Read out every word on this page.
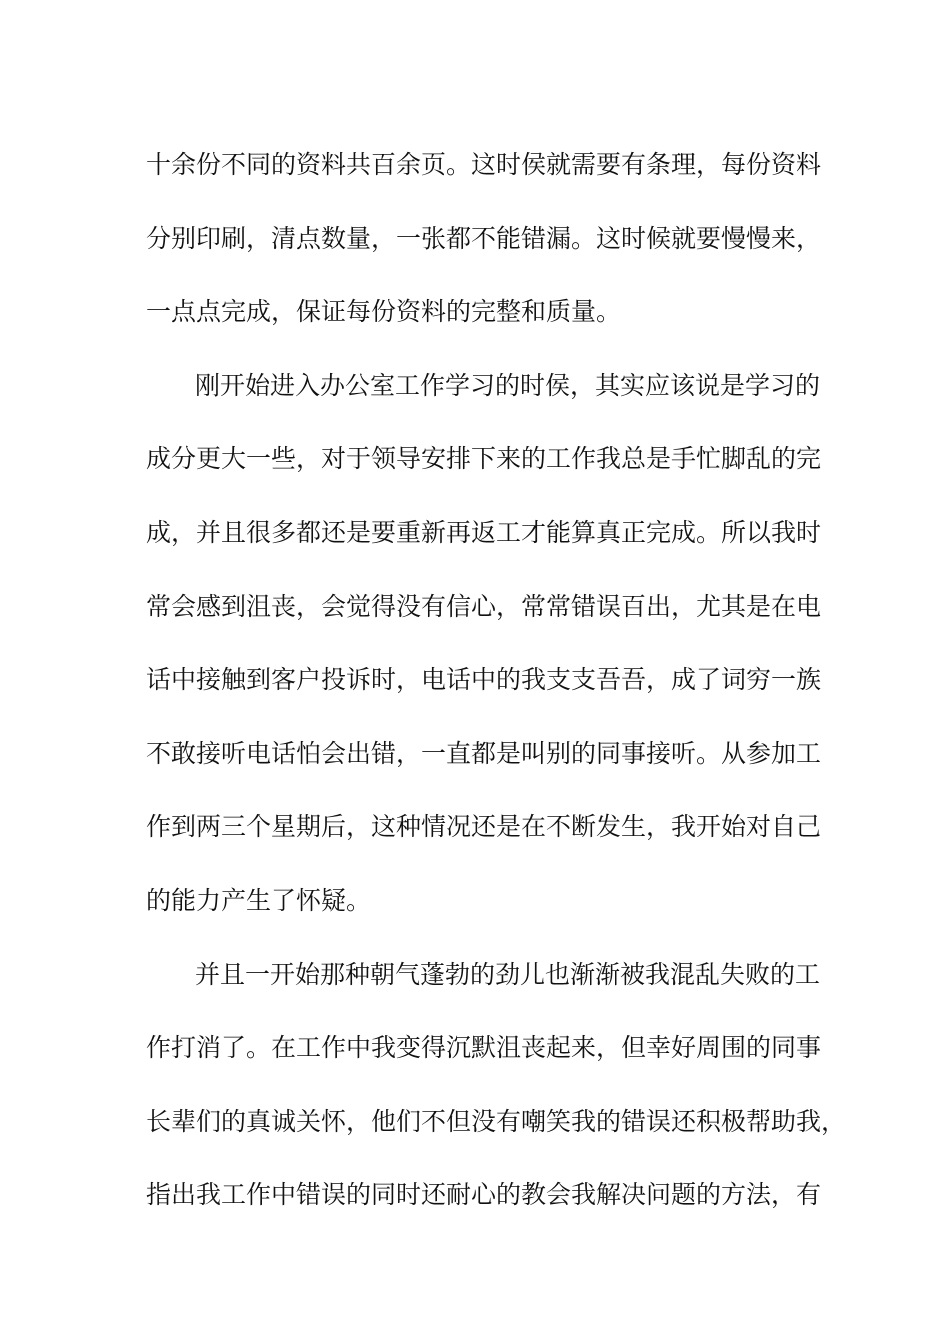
十余份不同的资料共百余页。这时侯就需要有条理，每份资料
分别印刷，清点数量，一张都不能错漏。这时候就要慢慢来，
一点点完成，保证每份资料的完整和质量。
刚开始进入办公室工作学习的时侯，其实应该说是学习的
成分更大一些，对于领导安排下来的工作我总是手忙脚乱的完
成，并且很多都还是要重新再返工才能算真正完成。所以我时
常会感到沮丧，会觉得没有信心，常常错误百出，尤其是在电
话中接触到客户投诉时，电话中的我支支吾吾，成了词穷一族
不敢接听电话怕会出错，一直都是叫别的同事接听。从参加工
作到两三个星期后，这种情况还是在不断发生，我开始对自己
的能力产生了怀疑。
并且一开始那种朝气蓬勃的劲儿也渐渐被我混乱失败的工
作打消了。在工作中我变得沉默沮丧起来，但幸好周围的同事
长辈们的真诚关怀，他们不但没有嘲笑我的错误还积极帮助我，
指出我工作中错误的同时还耐心的教会我解决问题的方法，有
